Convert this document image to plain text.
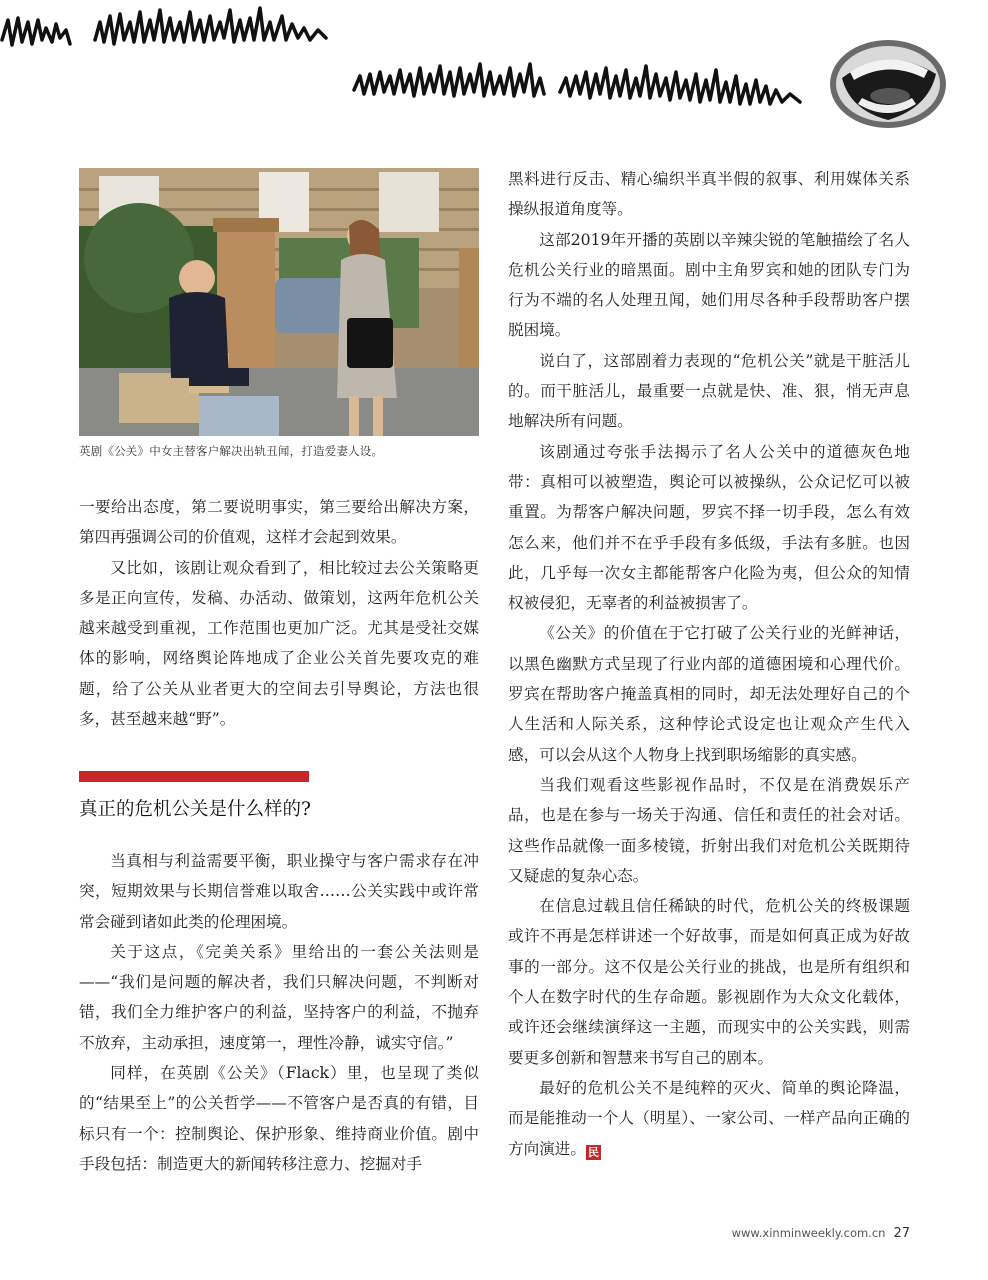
英剧《公关》中女主替客户解决出轨丑闻，打造爱妻人设。

一要给出态度，第二要说明事实，第三要给出解决方案，第四再强调公司的价值观，这样才会起到效果。

又比如，该剧让观众看到了，相比较过去公关策略更多是正向宣传，发稿、办活动、做策划，这两年危机公关越来越受到重视，工作范围也更加广泛。尤其是受社交媒体的影响，网络舆论阵地成了企业公关首先要攻克的难题，给了公关从业者更大的空间去引导舆论，方法也很多，甚至越来越“野”。

真正的危机公关是什么样的?

当真相与利益需要平衡，职业操守与客户需求存在冲突，短期效果与长期信誉难以取舍……公关实践中或许常常会碰到诸如此类的伦理困境。

关于这点，《完美关系》里给出的一套公关法则是——“我们是问题的解决者，我们只解决问题，不判断对错，我们全力维护客户的利益，坚持客户的利益，不抛弃不放弃，主动承担，速度第一，理性冷静，诚实守信。”

同样，在英剧《公关》（Flack）里，也呈现了类似的“结果至上”的公关哲学——不管客户是否真的有错，目标只有一个：控制舆论、保护形象、维持商业价值。剧中手段包括：制造更大的新闻转移注意力、挖掘对手

黑料进行反击、精心编织半真半假的叙事、利用媒体关系操纵报道角度等。

这部2019年开播的英剧以辛辣尖锐的笔触描绘了名人危机公关行业的暗黑面。剧中主角罗宾和她的团队专门为行为不端的名人处理丑闻，她们用尽各种手段帮助客户摆脱困境。

说白了，这部剧着力表现的“危机公关”就是干脏活儿的。而干脏活儿，最重要一点就是快、准、狠，悄无声息地解决所有问题。

该剧通过夸张手法揭示了名人公关中的道德灰色地带：真相可以被塑造，舆论可以被操纵，公众记忆可以被重置。为帮客户解决问题，罗宾不择一切手段，怎么有效怎么来，他们并不在乎手段有多低级，手法有多脏。也因此，几乎每一次女主都能帮客户化险为夷，但公众的知情权被侵犯，无辜者的利益被损害了。

《公关》的价值在于它打破了公关行业的光鲜神话，以黑色幽默方式呈现了行业内部的道德困境和心理代价。罗宾在帮助客户掩盖真相的同时，却无法处理好自己的个人生活和人际关系，这种悖论式设定也让观众产生代入感，可以会从这个人物身上找到职场缩影的真实感。

当我们观看这些影视作品时，不仅是在消费娱乐产品，也是在参与一场关于沟通、信任和责任的社会对话。这些作品就像一面多棱镜，折射出我们对危机公关既期待又疑虑的复杂心态。

在信息过载且信任稀缺的时代，危机公关的终极课题或许不再是怎样讲述一个好故事，而是如何真正成为好故事的一部分。这不仅是公关行业的挑战，也是所有组织和个人在数字时代的生存命题。影视剧作为大众文化载体，或许还会继续演绎这一主题，而现实中的公关实践，则需要更多创新和智慧来书写自己的剧本。

最好的危机公关不是纯粹的灭火、简单的舆论降温，而是能推动一个人（明星）、一家公司、一样产品向正确的方向演进。 民

www.xinminweekly.com.cn 27
